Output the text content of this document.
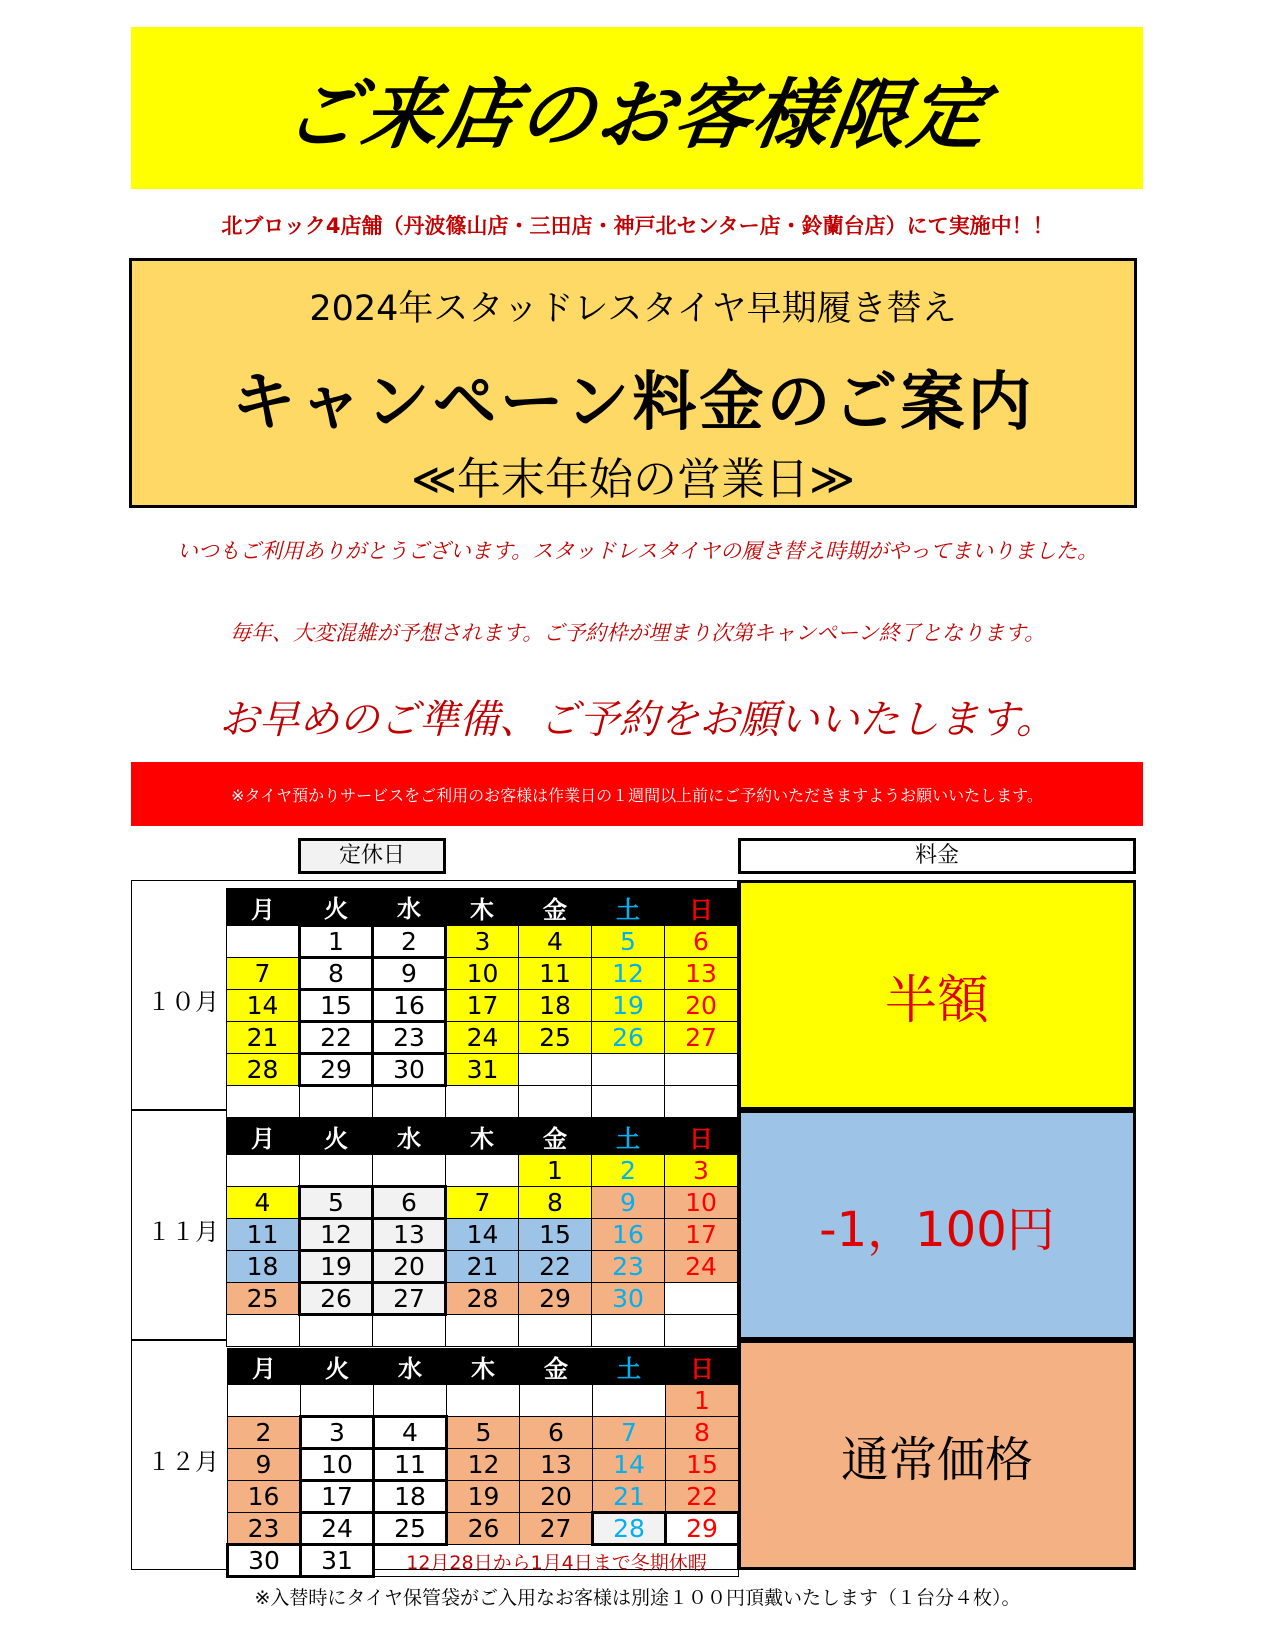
ご来店のお客様限定
北ブロック4店舗（丹波篠山店・三田店・神戸北センター店・鈴蘭台店）にて実施中！！
2024年スタッドレスタイヤ早期履き替え
キャンペーン料金のご案内
≪年末年始の営業日≫
いつもご利用ありがとうございます。スタッドレスタイヤの履き替え時期がやってまいりました。
毎年、大変混雑が予想されます。ご予約枠が埋まり次第キャンペーン終了となります。
お早めのご準備、ご予約をお願いいたします。
※タイヤ預かりサービスをご利用のお客様は作業日の１週間以上前にご予約いただきますようお願いいたします。
定休日	料金
１０月
１１月
１２月
月	火	水	木	金	土	日
	1	2	3	4	5	6
7	8	9	10	11	12	13
14	15	16	17	18	19	20
21	22	23	24	25	26	27
28	29	30	31			

月	火	水	木	金	土	日
				1	2	3
4	5	6	7	8	9	10
11	12	13	14	15	16	17
18	19	20	21	22	23	24
25	26	27	28	29	30	

月	火	水	木	金	土	日
						1
2	3	4	5	6	7	8
9	10	11	12	13	14	15
16	17	18	19	20	21	22
23	24	25	26	27	28	29
30	31	12月28日から1月4日まで冬期休暇				
半額
-1，100円
通常価格
※入替時にタイヤ保管袋がご入用なお客様は別途１００円頂戴いたします（１台分４枚）。
